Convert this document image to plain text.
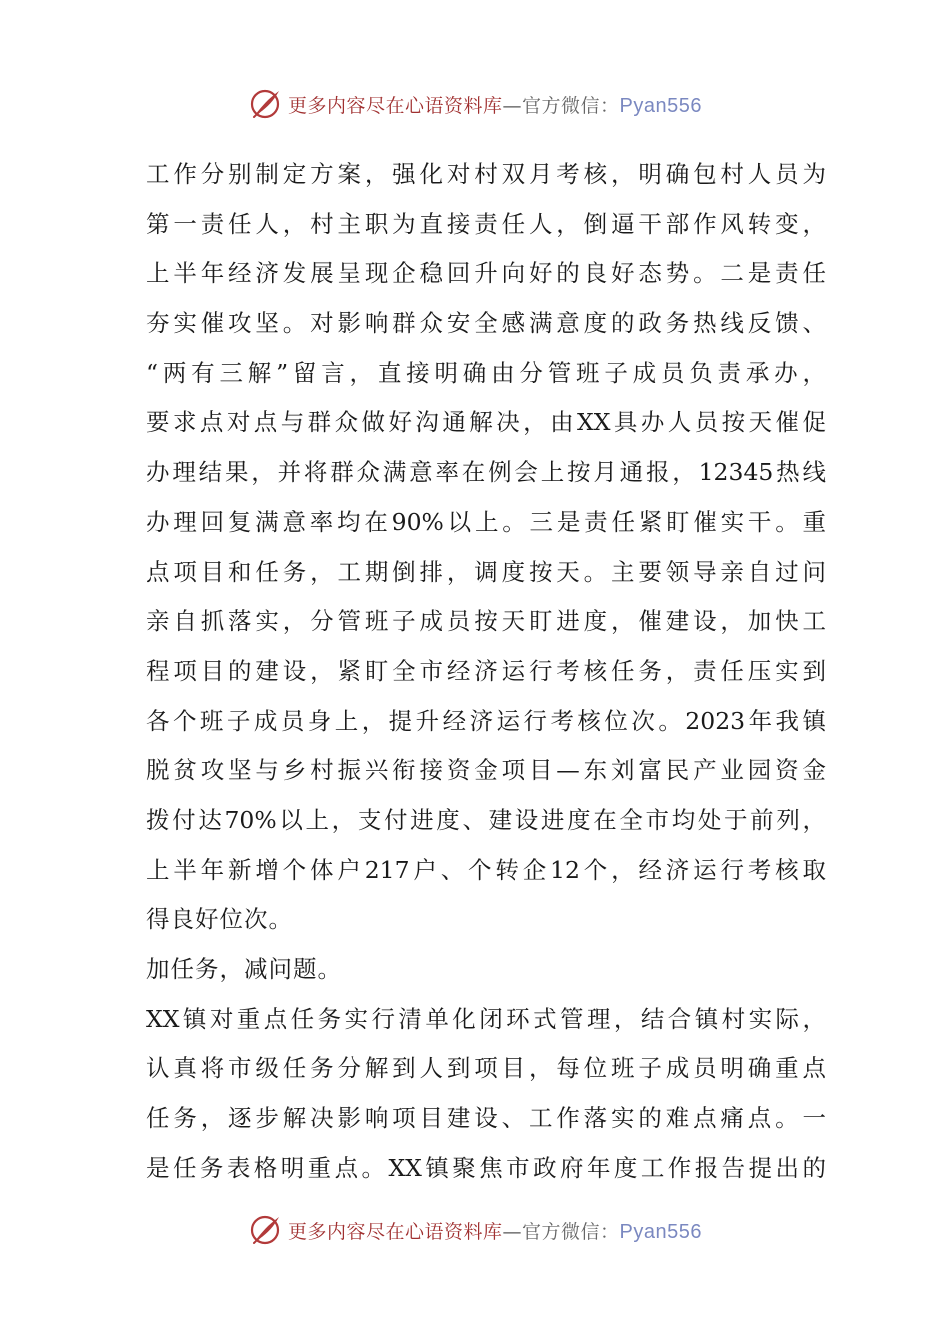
更多内容尽在心语资料库—官方微信：Pyan556
工作分别制定方案，强化对村双月考核，明确包村人员为
第一责任人，村主职为直接责任人，倒逼干部作风转变，
上半年经济发展呈现企稳回升向好的良好态势。二是责任
夯实催攻坚。对影响群众安全感满意度的政务热线反馈、
“两有三解”留言，直接明确由分管班子成员负责承办，
要求点对点与群众做好沟通解决，由XX具办人员按天催促
办理结果，并将群众满意率在例会上按月通报，12345热线
办理回复满意率均在90%以上。三是责任紧盯催实干。重
点项目和任务，工期倒排，调度按天。主要领导亲自过问
亲自抓落实，分管班子成员按天盯进度，催建设，加快工
程项目的建设，紧盯全市经济运行考核任务，责任压实到
各个班子成员身上，提升经济运行考核位次。2023年我镇
脱贫攻坚与乡村振兴衔接资金项目—东刘富民产业园资金
拨付达70%以上，支付进度、建设进度在全市均处于前列，
上半年新增个体户217户、个转企12个，经济运行考核取
得良好位次。
加任务，减问题。
XX镇对重点任务实行清单化闭环式管理，结合镇村实际，
认真将市级任务分解到人到项目，每位班子成员明确重点
任务，逐步解决影响项目建设、工作落实的难点痛点。一
是任务表格明重点。XX镇聚焦市政府年度工作报告提出的
更多内容尽在心语资料库—官方微信：Pyan556
